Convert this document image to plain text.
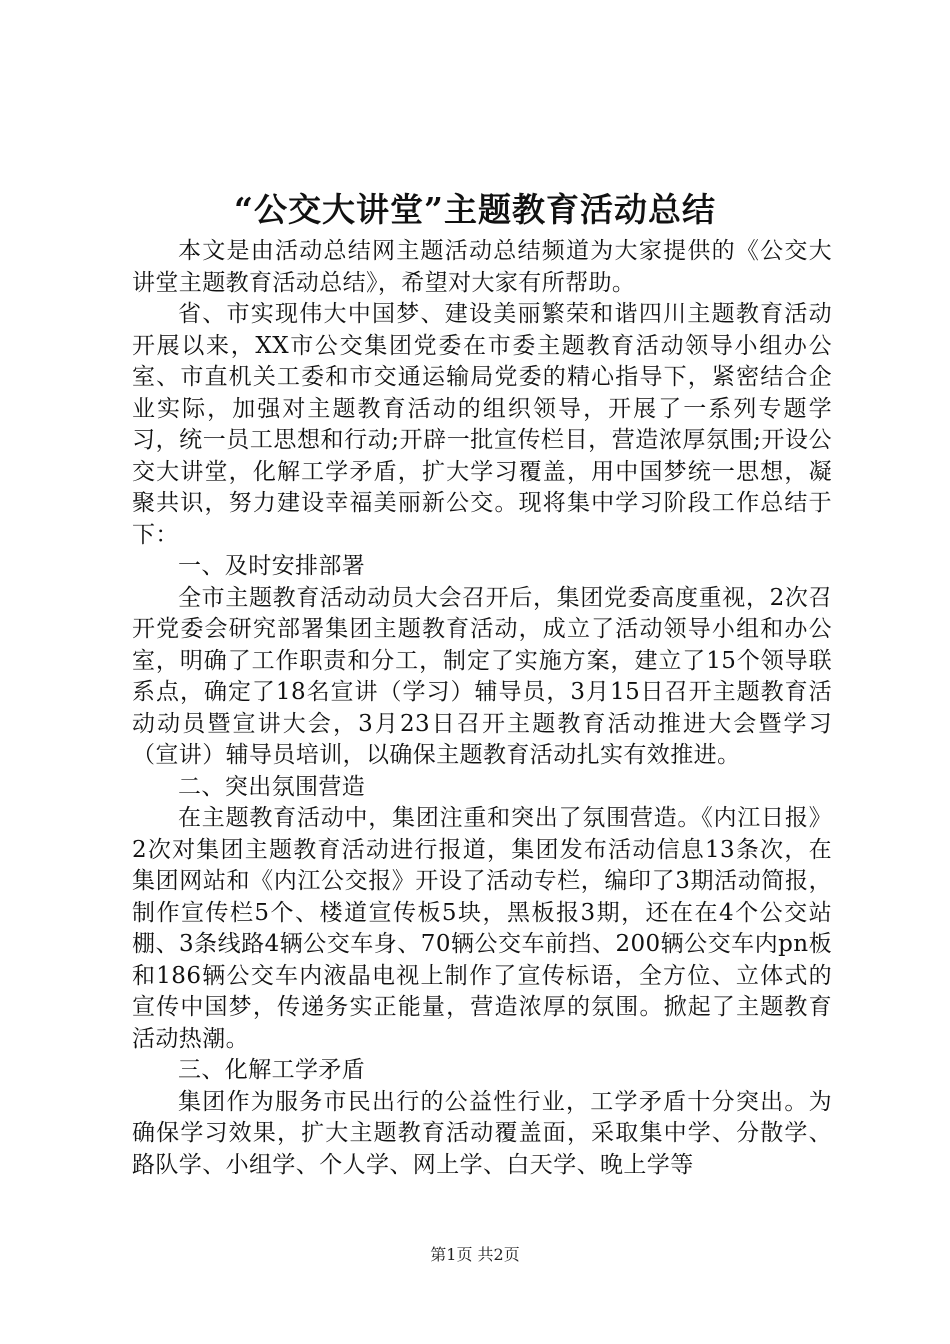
“公交大讲堂”主题教育活动总结

本文是由活动总结网主题活动总结频道为大家提供的《公交大讲堂主题教育活动总结》，希望对大家有所帮助。

省、市实现伟大中国梦、建设美丽繁荣和谐四川主题教育活动开展以来，XX市公交集团党委在市委主题教育活动领导小组办公室、市直机关工委和市交通运输局党委的精心指导下，紧密结合企业实际，加强对主题教育活动的组织领导，开展了一系列专题学习，统一员工思想和行动;开辟一批宣传栏目，营造浓厚氛围;开设公交大讲堂，化解工学矛盾，扩大学习覆盖，用中国梦统一思想，凝聚共识，努力建设幸福美丽新公交。现将集中学习阶段工作总结于下：

一、及时安排部署

全市主题教育活动动员大会召开后，集团党委高度重视，2次召开党委会研究部署集团主题教育活动，成立了活动领导小组和办公室，明确了工作职责和分工，制定了实施方案，建立了15个领导联系点，确定了18名宣讲（学习）辅导员，3月15日召开主题教育活动动员暨宣讲大会，3月23日召开主题教育活动推进大会暨学习（宣讲）辅导员培训，以确保主题教育活动扎实有效推进。

二、突出氛围营造

在主题教育活动中，集团注重和突出了氛围营造。《内江日报》2次对集团主题教育活动进行报道，集团发布活动信息13条次，在集团网站和《内江公交报》开设了活动专栏，编印了3期活动简报，制作宣传栏5个、楼道宣传板5块，黑板报3期，还在在4个公交站棚、3条线路4辆公交车身、70辆公交车前挡、200辆公交车内pn板和186辆公交车内液晶电视上制作了宣传标语，全方位、立体式的宣传中国梦，传递务实正能量，营造浓厚的氛围。掀起了主题教育活动热潮。

三、化解工学矛盾

集团作为服务市民出行的公益性行业，工学矛盾十分突出。为确保学习效果，扩大主题教育活动覆盖面，采取集中学、分散学、路队学、小组学、个人学、网上学、白天学、晚上学等

第1页 共2页
